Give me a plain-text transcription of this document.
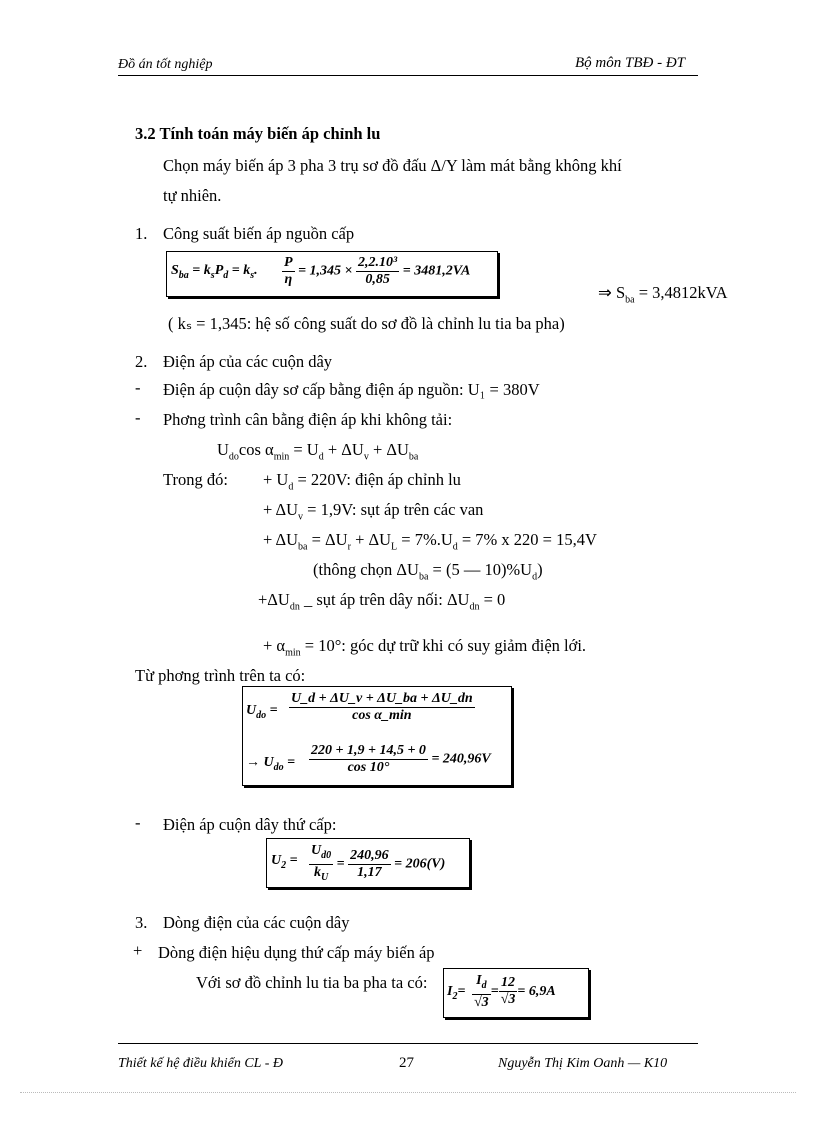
Đồ án tốt nghiệp	Bộ môn TBĐ - ĐT
3.2 Tính toán máy biến áp chỉnh lu
Chọn máy biến áp 3 pha 3 trụ sơ đồ đấu Δ/Y làm mát bằng không khí
tự nhiên.
1. Công suất biến áp nguồn cấp
$S_{ba} = k_sP_d = k_s$. $\frac{P}{\eta} = 1,345 \times \frac{\text{2,2.10³}}{0,85} = 3481,2VA$
⇒ $S_{ba} = 3,4812kVA$
( kₛ = 1,345: hệ số công suất do sơ đồ là chỉnh lu tia ba pha)
2. Điện áp của các cuộn dây
- Điện áp cuộn dây sơ cấp bằng điện áp nguồn: U₁ = 380V
- Phơng trình cân bằng điện áp khi không tải:
$U_{do}\cos$ $\alpha_{min} = U_d + \Delta U_v + \Delta U_{ba}$
Trong đó: + $U_d = 220V$: điện áp chỉnh lu
+ $\Delta U_v = 1,9V$: sụt áp trên các van
+ $\Delta U_{ba} = \Delta U_r + \Delta U_L = 7\%.U_d = 7\%$ x 220 = 15,4V
(thông chọn $\Delta U_{ba} = (5$ — $10)\%U_d$)
$+\Delta U_{dn}$ _ sụt áp trên dây nối: $\Delta U_{dn} = 0$
+ $\alpha_{min} = 10^\circ$: góc dự trữ khi có suy giảm điện lới.
Từ phơng trình trên ta có:
$U_{do} = \frac{U\_d + \Delta U\_v + \Delta U\_ba + \Delta U\_dn}{\text{cos α\_min}}$
→ $U_{do} = \frac{220 + 1,9 + 14,5 + 0}{\cos 10^\circ} = 240,96V$
- Điện áp cuộn dây thứ cấp:
$U_2 = \frac{U_{d0}}{k_U} = \frac{240,96}{1,17} = 206(V)$
3. Dòng điện của các cuộn dây
+ Dòng điện hiệu dụng thứ cấp máy biến áp
Với sơ đồ chỉnh lu tia ba pha ta có: $I_2= \frac{I_d}{√3} = \frac{12}{√3} = 6,9A$
Thiết kế hệ điều khiển CL - Đ	27	Nguyễn Thị Kim Oanh — K10
